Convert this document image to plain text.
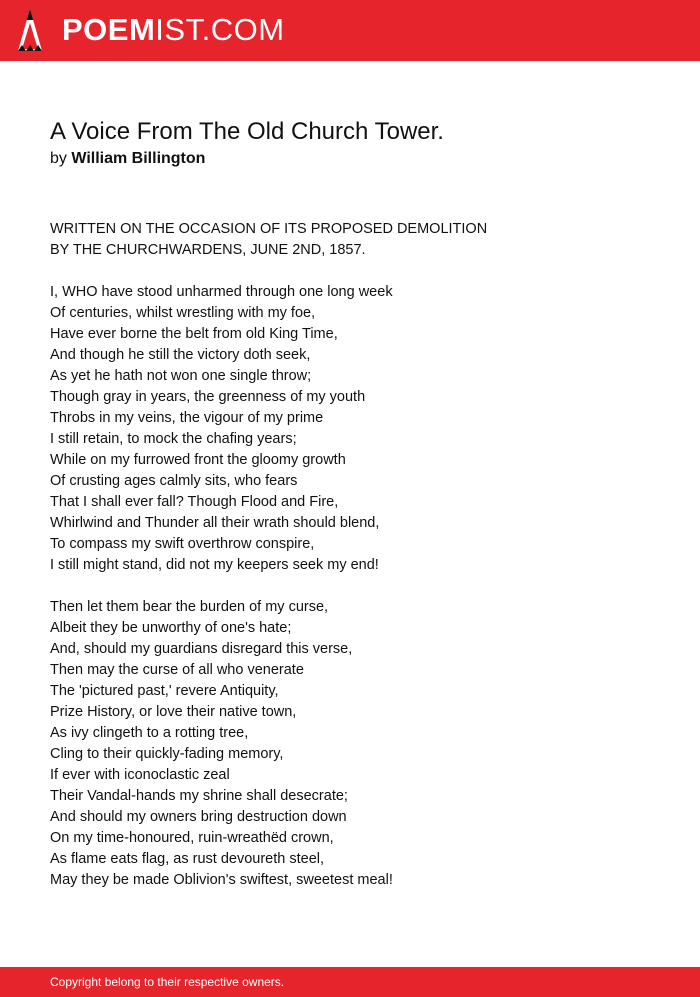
POEMIST.COM
A Voice From The Old Church Tower.
by William Billington

WRITTEN ON THE OCCASION OF ITS PROPOSED DEMOLITION
BY THE CHURCHWARDENS, JUNE 2ND, 1857.

I, WHO have stood unharmed through one long week
Of centuries, whilst wrestling with my foe,
Have ever borne the belt from old King Time,
And though he still the victory doth seek,
As yet he hath not won one single throw;
Though gray in years, the greenness of my youth
Throbs in my veins, the vigour of my prime
I still retain, to mock the chafing years;
While on my furrowed front the gloomy growth
Of crusting ages calmly sits, who fears
That I shall ever fall? Though Flood and Fire,
Whirlwind and Thunder all their wrath should blend,
To compass my swift overthrow conspire,
I still might stand, did not my keepers seek my end!

Then let them bear the burden of my curse,
Albeit they be unworthy of one's hate;
And, should my guardians disregard this verse,
Then may the curse of all who venerate
The 'pictured past,' revere Antiquity,
Prize History, or love their native town,
As ivy clingeth to a rotting tree,
Cling to their quickly-fading memory,
If ever with iconoclastic zeal
Their Vandal-hands my shrine shall desecrate;
And should my owners bring destruction down
On my time-honoured, ruin-wreathëd crown,
As flame eats flag, as rust devoureth steel,
May they be made Oblivion's swiftest, sweetest meal!

Copyright belong to their respective owners.
